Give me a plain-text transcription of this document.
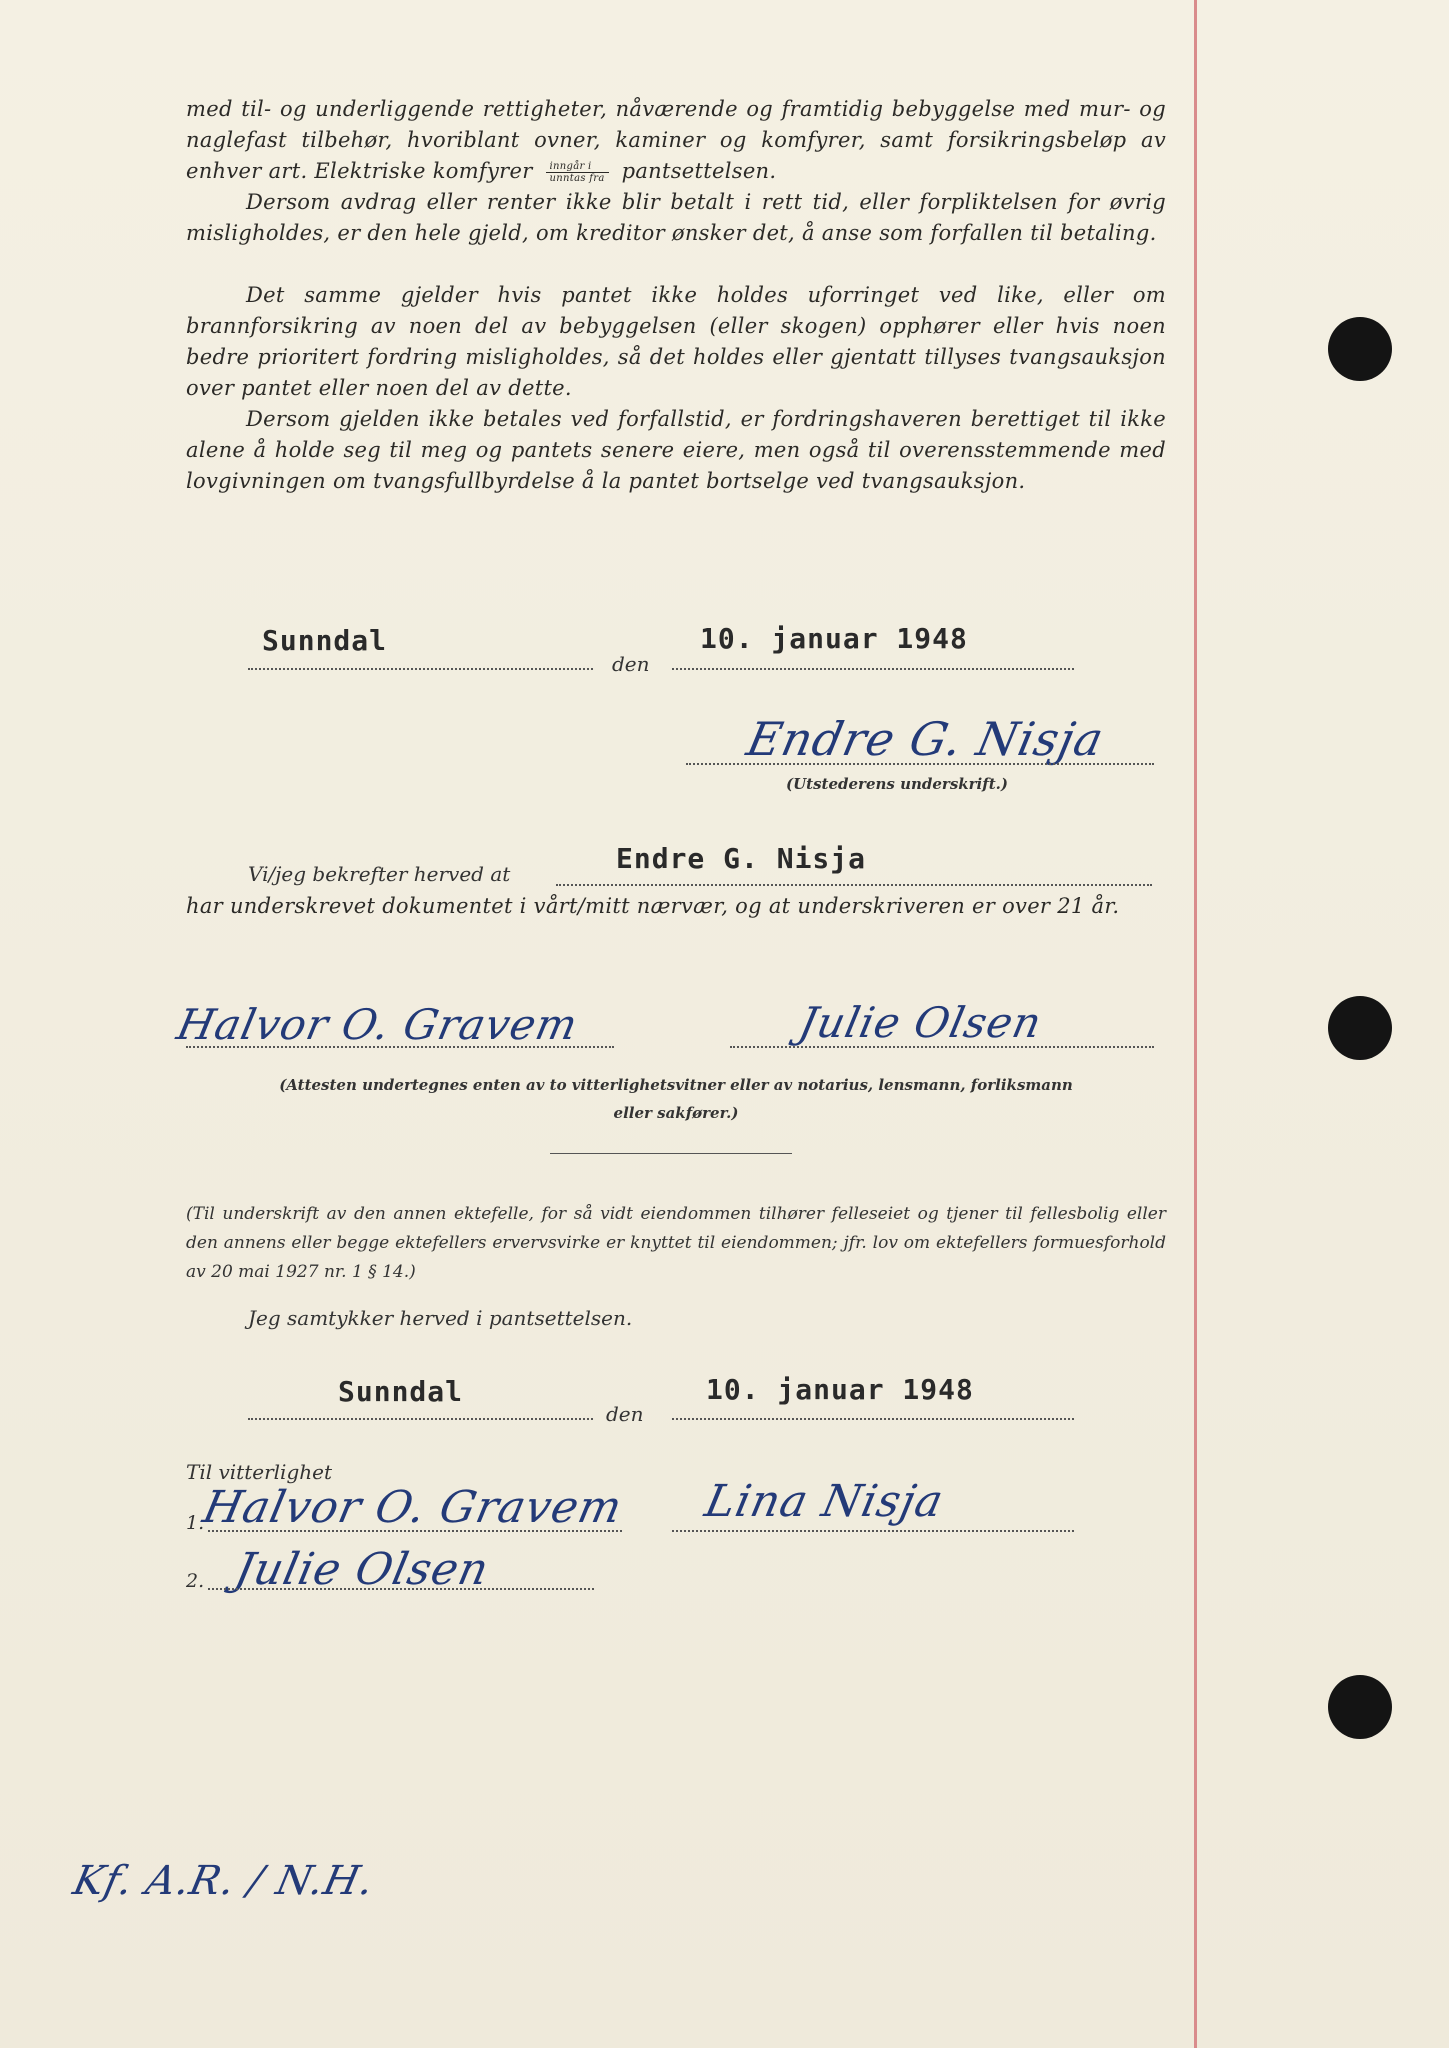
med til- og underliggende rettigheter, nåværende og framtidig bebyggelse med mur- og naglefast tilbehør, hvoriblant ovner, kaminer og komfyrer, samt forsikringsbeløp av enhver art. Elektriske komfyrer $\frac{\text{inngår i}}{\text{unntas fra}}$ pantsettelsen.
Dersom avdrag eller renter ikke blir betalt i rett tid, eller forpliktelsen for øvrig misligholdes, er den hele gjeld, om kreditor ønsker det, å anse som forfallen til betaling.
Det samme gjelder hvis pantet ikke holdes uforringet ved like, eller om brannforsikring av noen del av bebyggelsen (eller skogen) opphører eller hvis noen bedre prioritert fordring misligholdes, så det holdes eller gjentatt tillyses tvangsauksjon over pantet eller noen del av dette.
Dersom gjelden ikke betales ved forfallstid, er fordringshaveren berettiget til ikke alene å holde seg til meg og pantets senere eiere, men også til overensstemmende med lovgivningen om tvangsfullbyrdelse å la pantet bortselge ved tvangsauksjon.
Sunndal
den
10. januar 1948
Endre G. Nisja
(Utstederens underskrift.)
Vi/jeg bekrefter herved at	Endre G. Nisja
har underskrevet dokumentet i vårt/mitt nærvær, og at underskriveren er over 21 år.
Halvor O. Gravem	Julie Olsen
(Attesten undertegnes enten av to vitterlighetsvitner eller av notarius, lensmann, forliksmann
eller sakfører.)
(Til underskrift av den annen ektefelle, for så vidt eiendommen tilhører felleseiet og tjener til fellesbolig eller den annens eller begge ektefellers ervervsvirke er knyttet til eiendommen; jfr. lov om ektefellers formuesforhold av 20 mai 1927 nr. 1 § 14.)
Jeg samtykker herved i pantsettelsen.
Sunndal
den
10. januar 1948
Til vitterlighet
1.
Halvor O. Gravem Lina Nisja
2. Julie Olsen
Kf. A.R. / N.H.
